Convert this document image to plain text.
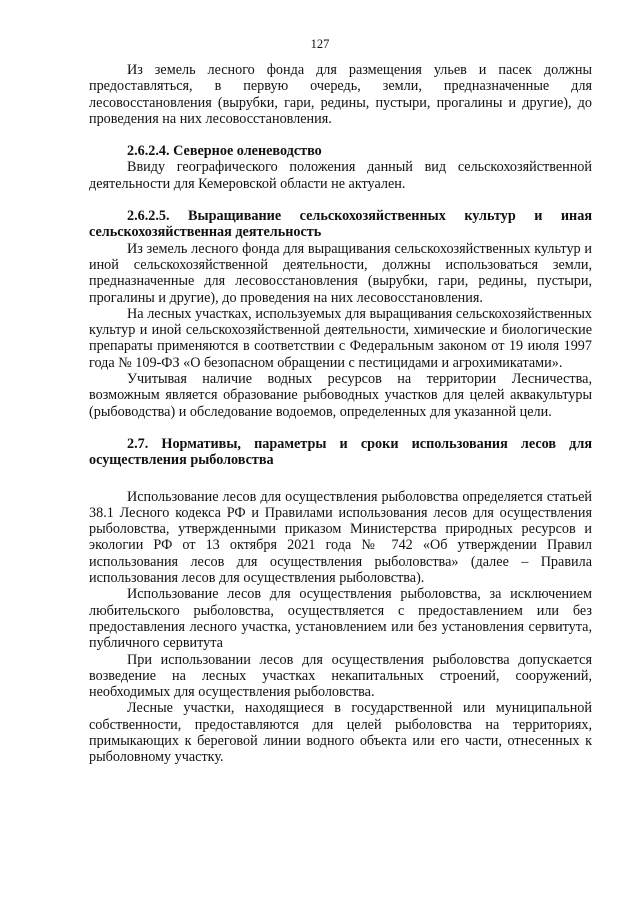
127

Из земель лесного фонда для размещения ульев и пасек должны предоставляться, в первую очередь, земли, предназначенные для лесовосстановления (вырубки, гари, редины, пустыри, прогалины и другие), до проведения на них лесовосстановления.

2.6.2.4. Северное оленеводство

Ввиду географического положения данный вид сельскохозяйственной деятельности для Кемеровской области не актуален.

2.6.2.5. Выращивание сельскохозяйственных культур и иная сельскохозяйственная деятельность

Из земель лесного фонда для выращивания сельскохозяйственных культур и иной сельскохозяйственной деятельности, должны использоваться земли, предназначенные для лесовосстановления (вырубки, гари, редины, пустыри, прогалины и другие), до проведения на них лесовосстановления.

На лесных участках, используемых для выращивания сельскохозяйственных культур и иной сельскохозяйственной деятельности, химические и биологические препараты применяются в соответствии с Федеральным законом от 19 июля 1997 года № 109-ФЗ «О безопасном обращении с пестицидами и агрохимикатами».

Учитывая наличие водных ресурсов на территории Лесничества, возможным является образование рыбоводных участков для целей аквакультуры (рыбоводства) и обследование водоемов, определенных для указанной цели.

2.7. Нормативы, параметры и сроки использования лесов для осуществления рыболовства

Использование лесов для осуществления рыболовства определяется статьей 38.1 Лесного кодекса РФ и Правилами использования лесов для осуществления рыболовства, утвержденными приказом Министерства природных ресурсов и экологии РФ от 13 октября 2021 года № 742 «Об утверждении Правил использования лесов для осуществления рыболовства» (далее – Правила использования лесов для осуществления рыболовства).

Использование лесов для осуществления рыболовства, за исключением любительского рыболовства, осуществляется с предоставлением или без предоставления лесного участка, установлением или без установления сервитута, публичного сервитута

При использовании лесов для осуществления рыболовства допускается возведение на лесных участках некапитальных строений, сооружений, необходимых для осуществления рыболовства.

Лесные участки, находящиеся в государственной или муниципальной собственности, предоставляются для целей рыболовства на территориях, примыкающих к береговой линии водного объекта или его части, отнесенных к рыболовному участку.
